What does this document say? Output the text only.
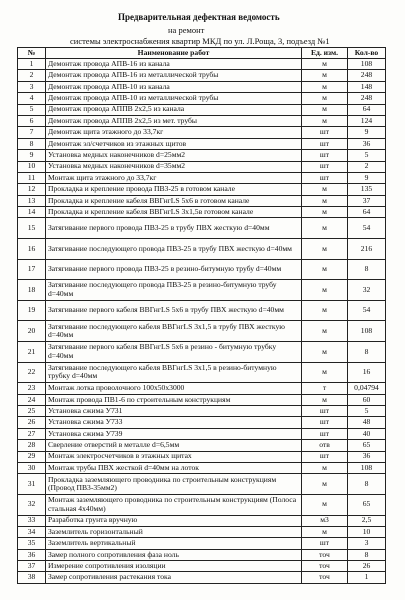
Предварительная дефектная ведомость
на ремонт
системы электроснабжения квартир МКД по ул. Л.Роща, 3, подъезд №1
№	Наименование работ	Ед. изм.	Кол-во
1	Демонтаж провода АПВ-16 из канала	м	108
2	Демонтаж провода АПВ-16 из металлической трубы	м	248
3	Демонтаж провода АПВ-10 из канала	м	148
4	Демонтаж провода АПВ-10 из металлической трубы	м	248
5	Демонтаж провода АППВ 2х2,5 из канала	м	64
6	Демонтаж провода АППВ 2х2,5 из мет. трубы	м	124
7	Демонтаж щита этажного до 33,7кг	шт	9
8	Демонтаж эл/счетчиков из этажных щитов	шт	36
9	Установка медных наконечников d=25мм2	шт	5
10	Установка медных наконечников d=35мм2	шт	2
11	Монтаж щита этажного до 33,7кг	шт	9
12	Прокладка и крепление провода ПВ3-25 в готовом канале	м	135
13	Прокладка и крепление кабеля ВВГнгLS 5х6 в готовом канале	м	37
14	Прокладка и крепление кабеля ВВГнгLS 3х1,5в готовом канале	м	64
15	Затягивание первого провода ПВ3-25 в трубу ПВХ жесткую d=40мм	м	54
16	Затягивание последующего провода ПВ3-25 в трубу ПВХ жесткую d=40мм	м	216
17	Затягивание первого провода ПВ3-25 в резино-битумную трубу d=40мм	м	8
18	Затягивание последующего провода ПВ3-25 в резино-битумную трубу d=40мм	м	32
19	Затягивание первого кабеля ВВГнгLS 5х6 в трубу ПВХ жесткую d=40мм	м	54
20	Затягивание последующего кабеля ВВГнгLS 3х1,5 в трубу ПВХ жесткую d=40мм	м	108
21	Затягивание первого кабеля ВВГнгLS 5х6 в резино - битумную трубку d=40мм	м	8
22	Затягивание последующего кабеля ВВГнгLS 3х1,5 в резино-битумную трубку d=40мм	м	16
23	Монтаж лотка проволочного 100х50х3000	т	0,04794
24	Монтаж провода ПВ1-6 по строительным конструкциям	м	60
25	Установка сжима У731	шт	5
26	Установка сжима У733	шт	48
27	Установка сжима У739	шт	40
28	Сверление отверстий в металле d=6,5мм	отв	65
29	Монтаж электросчетчиков в этажных щитах	шт	36
30	Монтаж трубы ПВХ жесткой d=40мм на лоток	м	108
31	Прокладка заземляющего проводника по строительным конструкциям (Провод ПВ3-35мм2)	м	8
32	Монтаж заземляющего проводника по строительным конструкциям (Полоса стальная 4х40мм)	м	65
33	Разработка грунта вручную	м3	2,5
34	Заземлитель горизонтальный	м	10
35	Заземлитель вертикальный	шт	3
36	Замер полного сопротивления фаза ноль	точ	8
37	Измерение сопротивления изоляции	точ	26
38	Замер сопротивления растекания тока	точ	1
